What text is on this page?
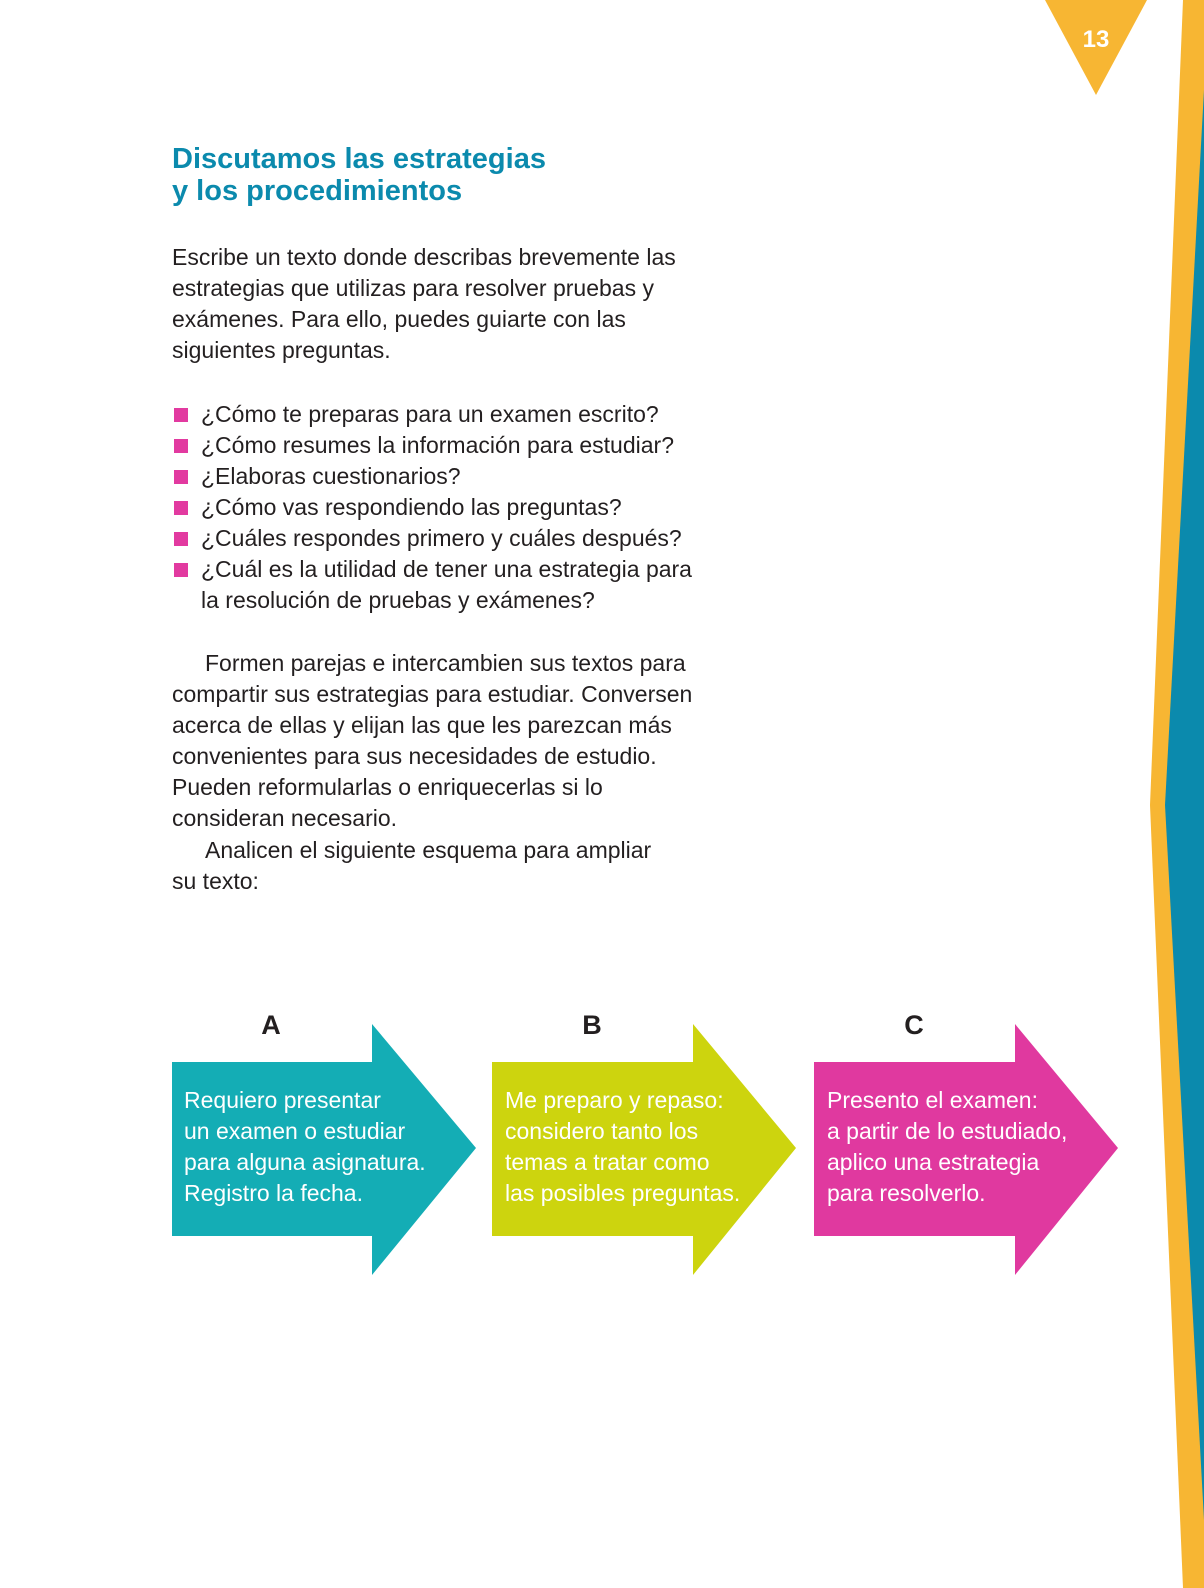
13
Discutamos las estrategias
y los procedimientos

Escribe un texto donde describas brevemente las
estrategias que utilizas para resolver pruebas y
exámenes. Para ello, puedes guiarte con las
siguientes preguntas.

¿Cómo te preparas para un examen escrito?
¿Cómo resumes la información para estudiar?
¿Elaboras cuestionarios?
¿Cómo vas respondiendo las preguntas?
¿Cuáles respondes primero y cuáles después?
¿Cuál es la utilidad de tener una estrategia para
la resolución de pruebas y exámenes?

Formen parejas e intercambien sus textos para
compartir sus estrategias para estudiar. Conversen
acerca de ellas y elijan las que les parezcan más
convenientes para sus necesidades de estudio.
Pueden reformularlas o enriquecerlas si lo
consideran necesario.

Analicen el siguiente esquema para ampliar
su texto:

A	B	C

Requiero presentar
un examen o estudiar
para alguna asignatura.
Registro la fecha.

Me preparo y repaso:
considero tanto los
temas a tratar como
las posibles preguntas.

Presento el examen:
a partir de lo estudiado,
aplico una estrategia
para resolverlo.
